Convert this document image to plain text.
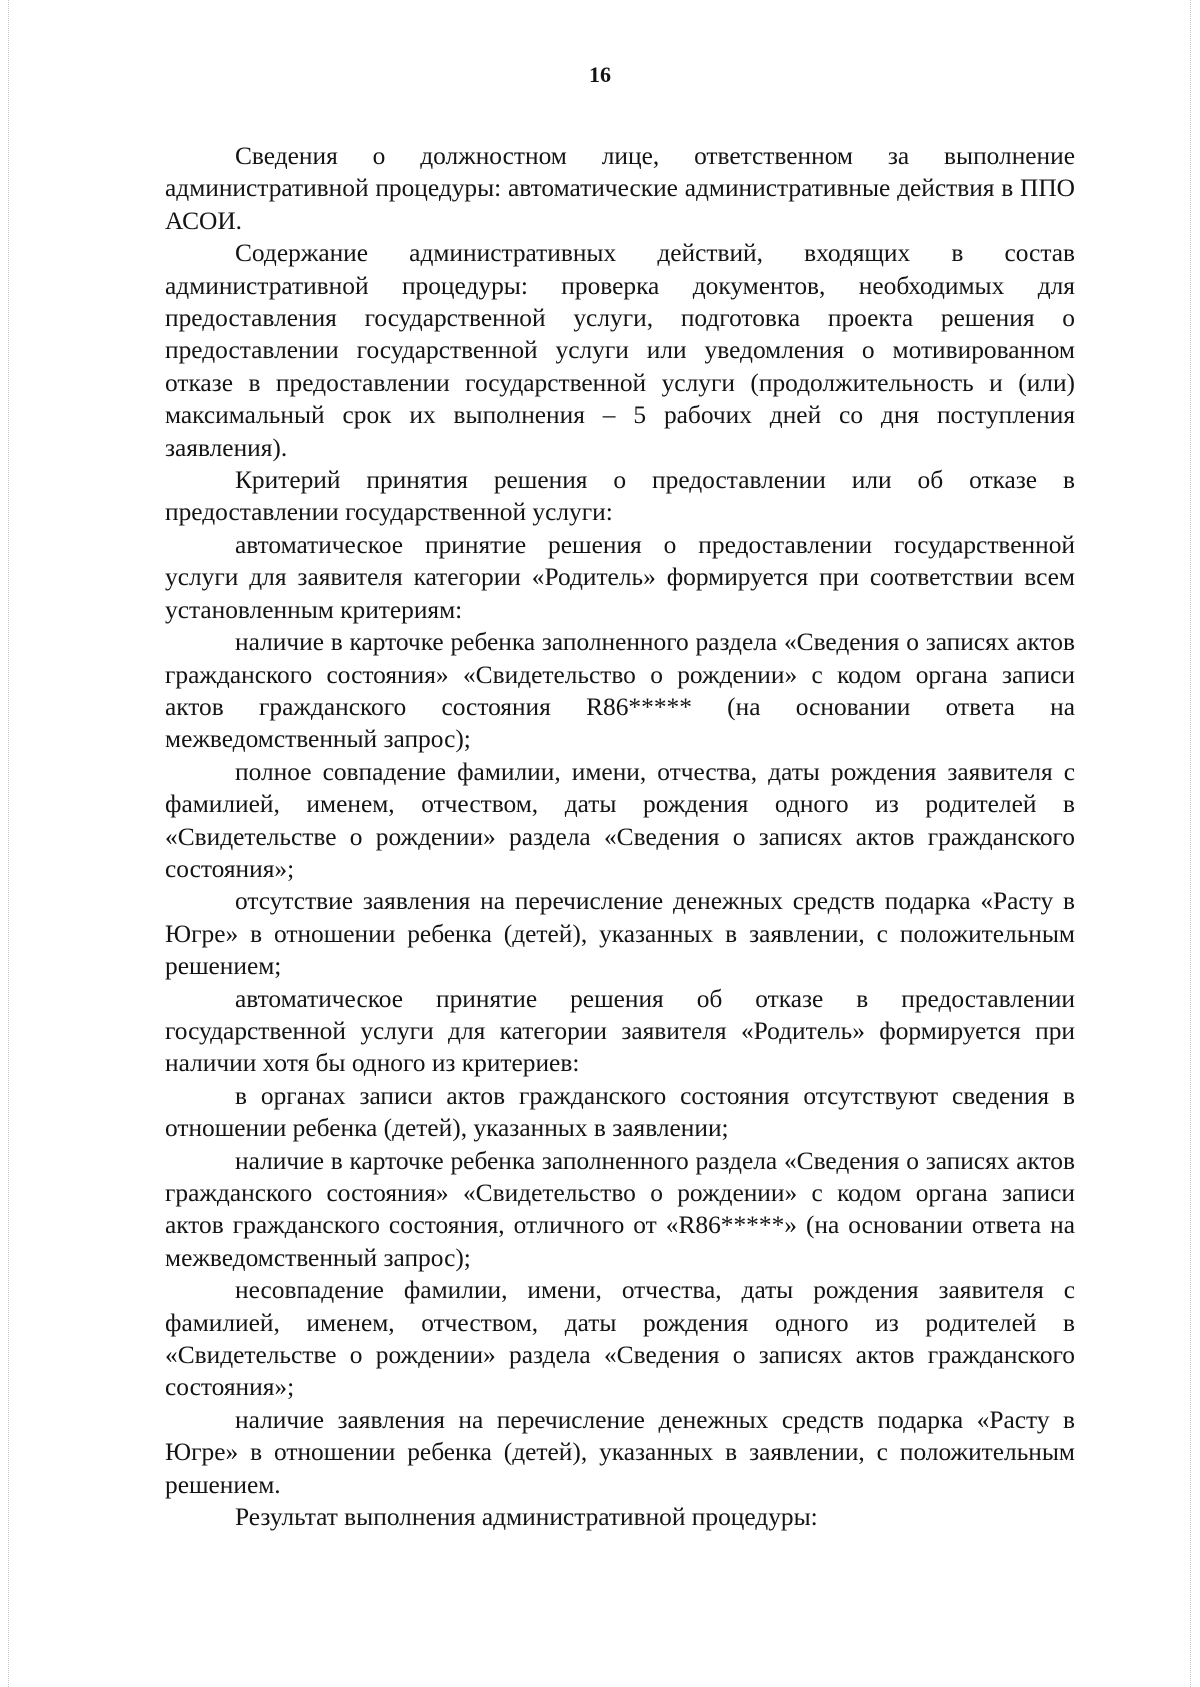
16

Сведения о должностном лице, ответственном за выполнение административной процедуры: автоматические административные действия в ППО АСОИ.

Содержание административных действий, входящих в состав административной процедуры: проверка документов, необходимых для предоставления государственной услуги, подготовка проекта решения о предоставлении государственной услуги или уведомления о мотивированном отказе в предоставлении государственной услуги (продолжительность и (или) максимальный срок их выполнения – 5 рабочих дней со дня поступления заявления).

Критерий принятия решения о предоставлении или об отказе в предоставлении государственной услуги:

автоматическое принятие решения о предоставлении государственной услуги для заявителя категории «Родитель» формируется при соответствии всем установленным критериям:

наличие в карточке ребенка заполненного раздела «Сведения о записях актов гражданского состояния» «Свидетельство о рождении» с кодом органа записи актов гражданского состояния R86***** (на основании ответа на межведомственный запрос);

полное совпадение фамилии, имени, отчества, даты рождения заявителя с фамилией, именем, отчеством, даты рождения одного из родителей в «Свидетельстве о рождении» раздела «Сведения о записях актов гражданского состояния»;

отсутствие заявления на перечисление денежных средств подарка «Расту в Югре» в отношении ребенка (детей), указанных в заявлении, с положительным решением;

автоматическое принятие решения об отказе в предоставлении государственной услуги для категории заявителя «Родитель» формируется при наличии хотя бы одного из критериев:

в органах записи актов гражданского состояния отсутствуют сведения в отношении ребенка (детей), указанных в заявлении;

наличие в карточке ребенка заполненного раздела «Сведения о записях актов гражданского состояния» «Свидетельство о рождении» с кодом органа записи актов гражданского состояния, отличного от «R86*****» (на основании ответа на межведомственный запрос);

несовпадение фамилии, имени, отчества, даты рождения заявителя с фамилией, именем, отчеством, даты рождения одного из родителей в «Свидетельстве о рождении» раздела «Сведения о записях актов гражданского состояния»;

наличие заявления на перечисление денежных средств подарка «Расту в Югре» в отношении ребенка (детей), указанных в заявлении, с положительным решением.

Результат выполнения административной процедуры:
